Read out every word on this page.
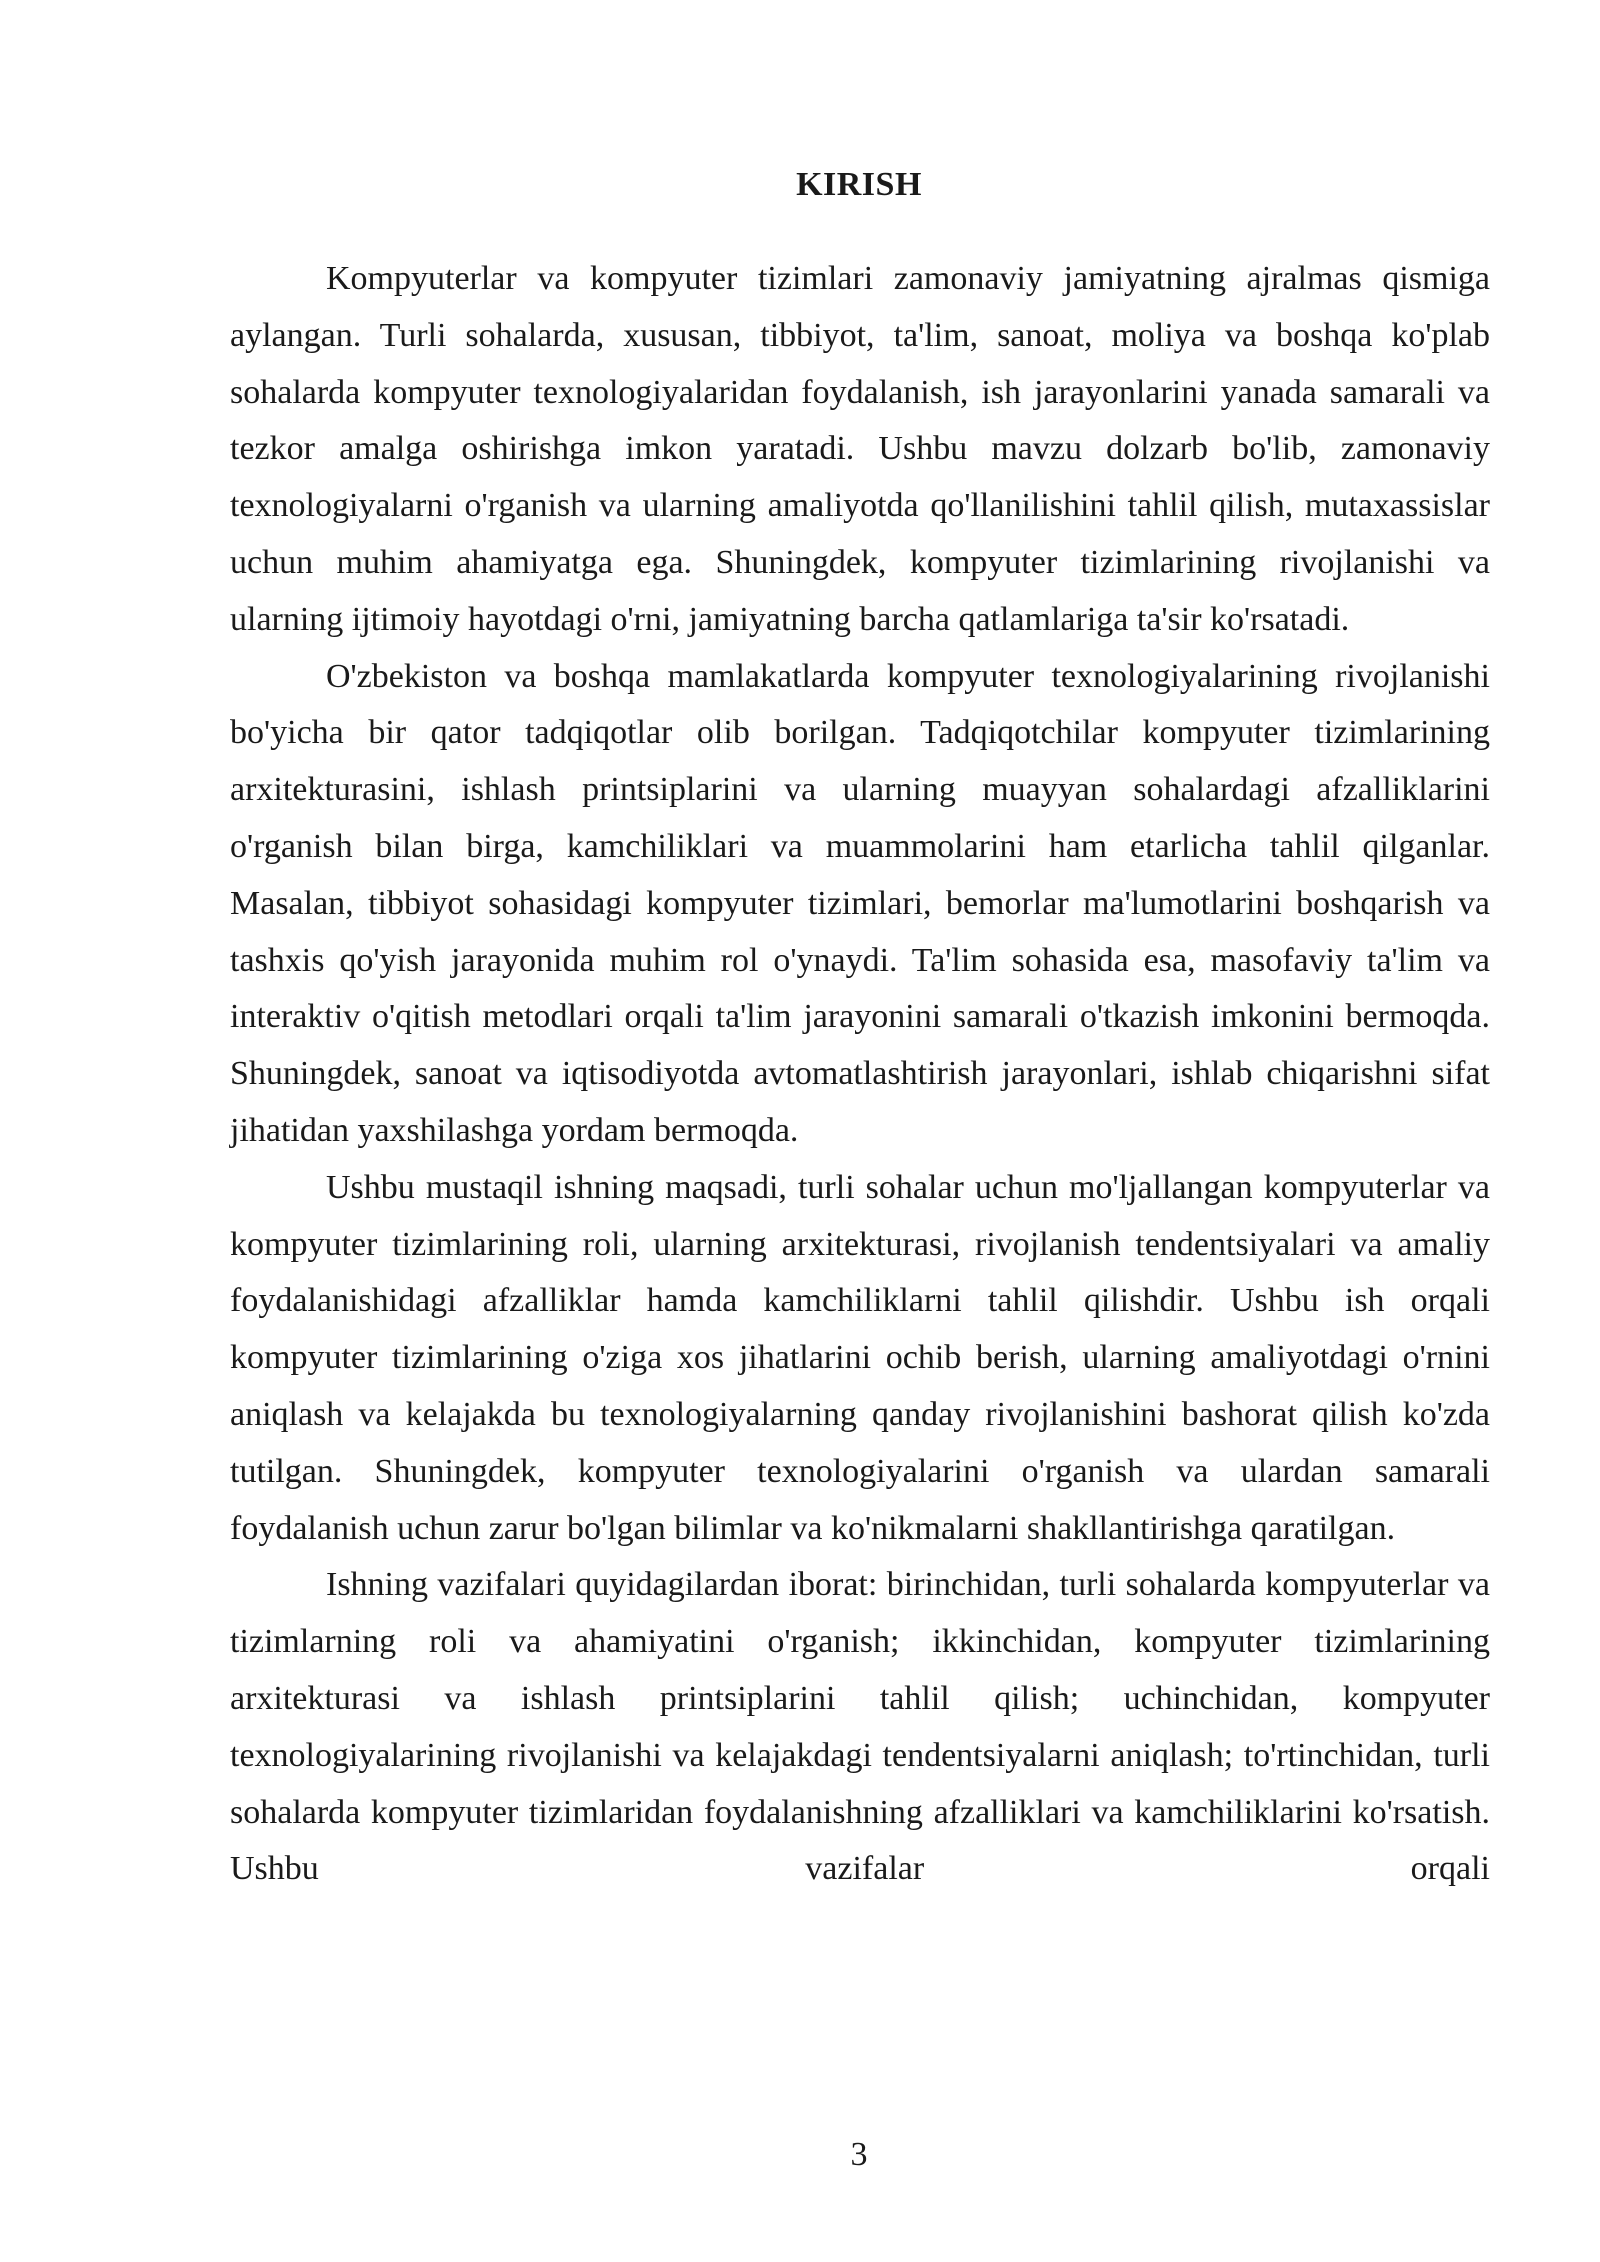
KIRISH

Kompyuterlar va kompyuter tizimlari zamonaviy jamiyatning ajralmas qismiga aylangan. Turli sohalarda, xususan, tibbiyot, ta'lim, sanoat, moliya va boshqa ko'plab sohalarda kompyuter texnologiyalaridan foydalanish, ish jarayonlarini yanada samarali va tezkor amalga oshirishga imkon yaratadi. Ushbu mavzu dolzarb bo'lib, zamonaviy texnologiyalarni o'rganish va ularning amaliyotda qo'llanilishini tahlil qilish, mutaxassislar uchun muhim ahamiyatga ega. Shuningdek, kompyuter tizimlarining rivojlanishi va ularning ijtimoiy hayotdagi o'rni, jamiyatning barcha qatlamlariga ta'sir ko'rsatadi.

O'zbekiston va boshqa mamlakatlarda kompyuter texnologiyalarining rivojlanishi bo'yicha bir qator tadqiqotlar olib borilgan. Tadqiqotchilar kompyuter tizimlarining arxitekturasini, ishlash printsiplarini va ularning muayyan sohalardagi afzalliklarini o'rganish bilan birga, kamchiliklari va muammolarini ham etarlicha tahlil qilganlar. Masalan, tibbiyot sohasidagi kompyuter tizimlari, bemorlar ma'lumotlarini boshqarish va tashxis qo'yish jarayonida muhim rol o'ynaydi. Ta'lim sohasida esa, masofaviy ta'lim va interaktiv o'qitish metodlari orqali ta'lim jarayonini samarali o'tkazish imkonini bermoqda. Shuningdek, sanoat va iqtisodiyotda avtomatlashtirish jarayonlari, ishlab chiqarishni sifat jihatidan yaxshilashga yordam bermoqda.

Ushbu mustaqil ishning maqsadi, turli sohalar uchun mo'ljallangan kompyuterlar va kompyuter tizimlarining roli, ularning arxitekturasi, rivojlanish tendentsiyalari va amaliy foydalanishidagi afzalliklar hamda kamchiliklarni tahlil qilishdir. Ushbu ish orqali kompyuter tizimlarining o'ziga xos jihatlarini ochib berish, ularning amaliyotdagi o'rnini aniqlash va kelajakda bu texnologiyalarning qanday rivojlanishini bashorat qilish ko'zda tutilgan. Shuningdek, kompyuter texnologiyalarini o'rganish va ulardan samarali foydalanish uchun zarur bo'lgan bilimlar va ko'nikmalarni shakllantirishga qaratilgan.

Ishning vazifalari quyidagilardan iborat: birinchidan, turli sohalarda kompyuterlar va tizimlarning roli va ahamiyatini o'rganish; ikkinchidan, kompyuter tizimlarining arxitekturasi va ishlash printsiplarini tahlil qilish; uchinchidan, kompyuter texnologiyalarining rivojlanishi va kelajakdagi tendentsiyalarni aniqlash; to'rtinchidan, turli sohalarda kompyuter tizimlaridan foydalanishning afzalliklari va kamchiliklarini ko'rsatish. Ushbu vazifalar orqali

3
